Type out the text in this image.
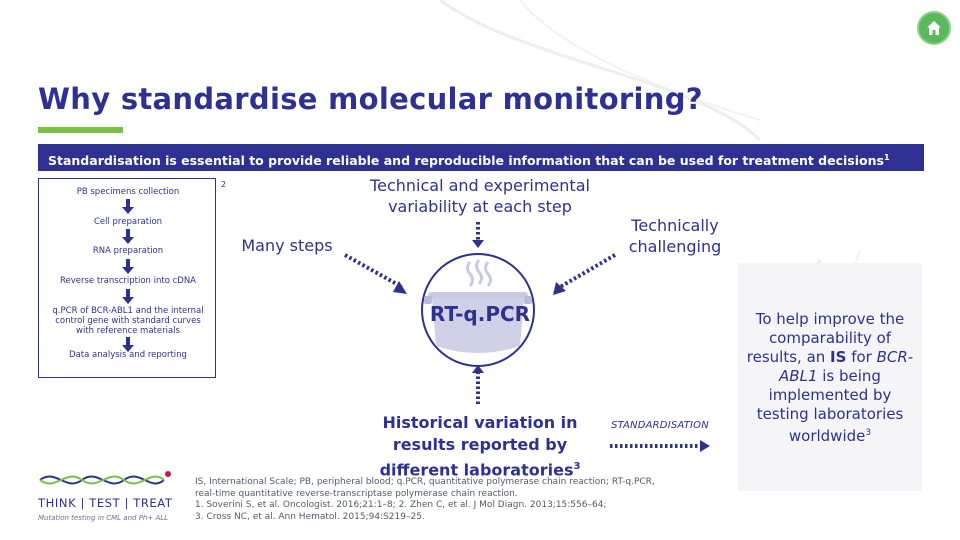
Why standardise molecular monitoring?
Standardisation is essential to provide reliable and reproducible information that can be used for treatment decisions$^1$
PB specimens collection
Cell preparation
RNA preparation
Reverse transcription into cDNA
q.PCR of BCR-ABL1 and the internal control gene with standard curves with reference materials
Data analysis and reporting
2	Technical and experimental variability at each step
Many steps
Technically challenging
RT-q.PCR
Historical variation in
results reported by
different laboratories$^3$
STANDARDISATION
To help improve the comparability of results, an IS for BCR-ABL1 is being implemented by testing laboratories worldwide$^3$
IS, International Scale; PB, peripheral blood; q.PCR, quantitative polymerase chain reaction; RT-q.PCR,
real-time quantitative reverse-transcriptase polymerase chain reaction.
1. Soverini S, et al. Oncologist. 2016;21:1–8; 2. Zhen C, et al. J Mol Diagn. 2013;15:556–64;
3. Cross NC, et al. Ann Hematol. 2015;94:S219–25.
THINK | TEST | TREAT
Mutation testing in CML and Ph+ ALL
